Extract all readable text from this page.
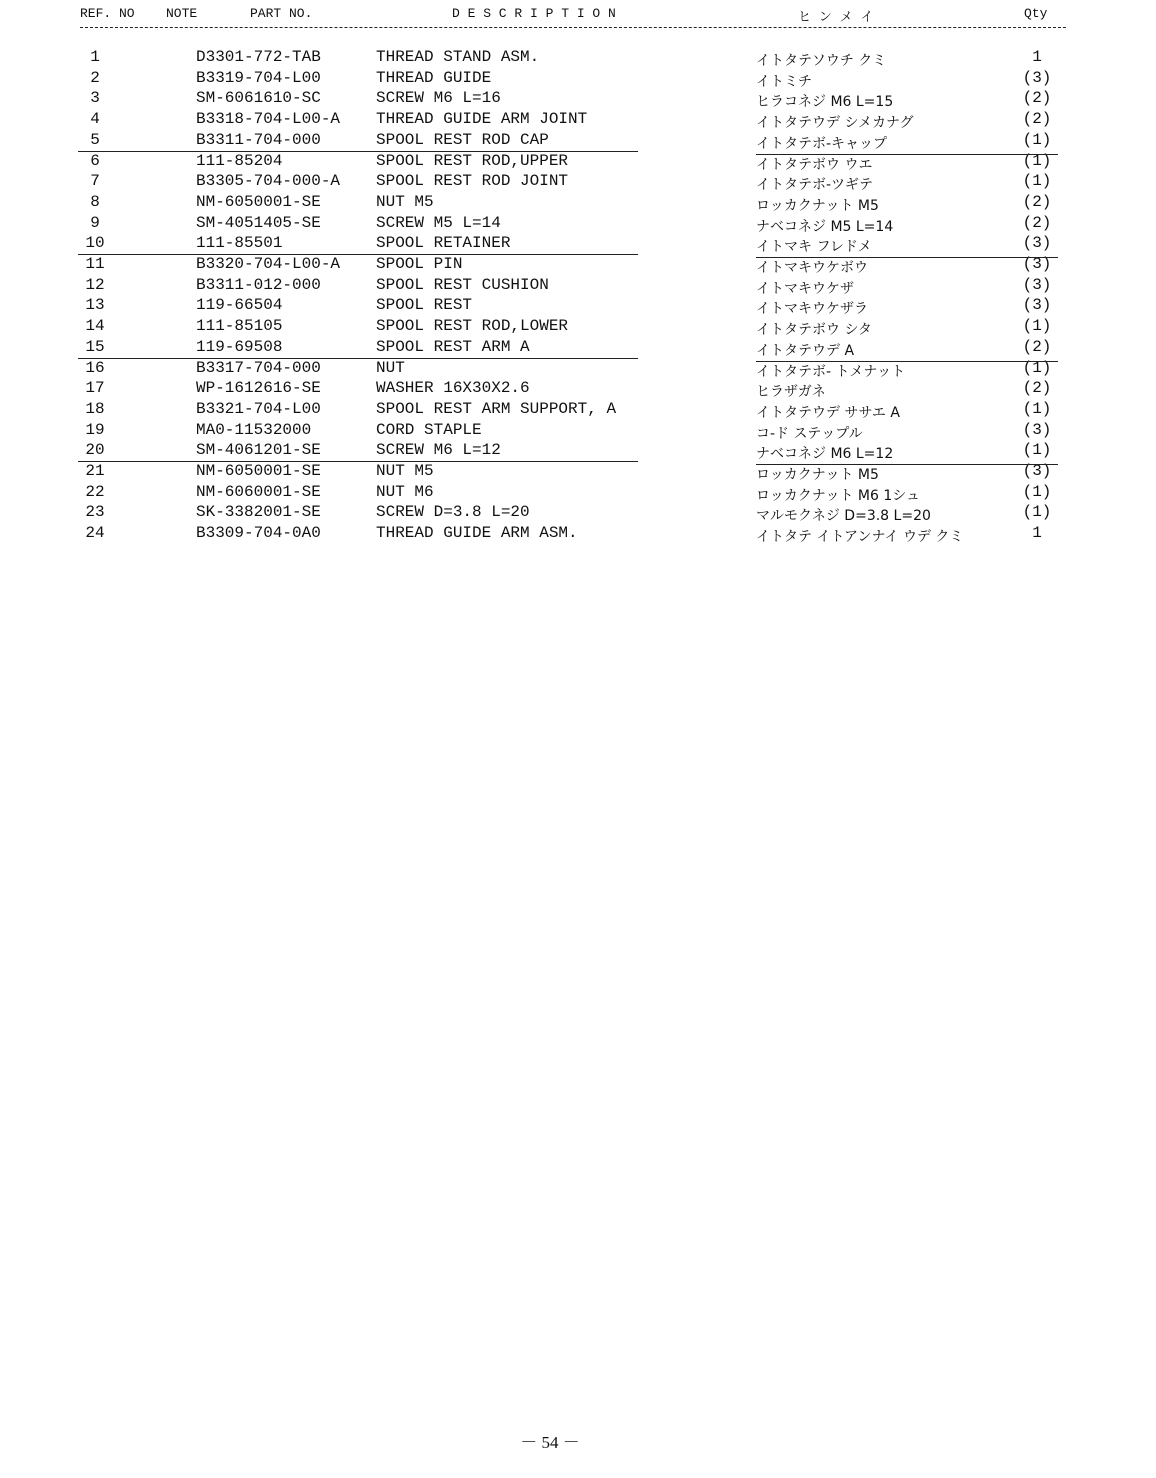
REF. NO NOTE	PART NO.	D E S C R I P T I O N	ヒ ン メ イ	Qty
1	D3301-772-TAB	THREAD STAND ASM.	イトタテソウチ クミ	1
2	B3319-704-L00	THREAD GUIDE	イトミチ	(3)
3	SM-6061610-SC	SCREW M6 L=16	ヒラコネジ M6 L=15	(2)
4	B3318-704-L00-A THREAD GUIDE ARM JOINT	イトタテウデ シメカナグ	(2)
5	B3311-704-000	SPOOL REST ROD CAP	イトタテボ-キャップ	(1)
6	111-85204	SPOOL REST ROD,UPPER	イトタテボウ ウエ	(1)
7	B3305-704-000-A SPOOL REST ROD JOINT	イトタテボ-ツギテ	(1)
8	NM-6050001-SE	NUT M5	ロッカクナット M5	(2)
9	SM-4051405-SE	SCREW M5 L=14	ナベコネジ M5 L=14	(2)
10	111-85501	SPOOL RETAINER	イトマキ フレドメ	(3)
11	B3320-704-L00-A SPOOL PIN	イトマキウケボウ	(3)
12	B3311-012-000	SPOOL REST CUSHION	イトマキウケザ	(3)
13	119-66504	SPOOL REST	イトマキウケザラ	(3)
14	111-85105	SPOOL REST ROD,LOWER	イトタテボウ シタ	(1)
15	119-69508	SPOOL REST ARM A	イトタテウデ A	(2)
16	B3317-704-000	NUT	イトタテボ- トメナット	(1)
17	WP-1612616-SE	WASHER 16X30X2.6	ヒラザガネ	(2)
18	B3321-704-L00	SPOOL REST ARM SUPPORT, A	イトタテウデ ササエ A	(1)
19	MA0-11532000	CORD STAPLE	コ-ド ステップル	(3)
20	SM-4061201-SE	SCREW M6 L=12	ナベコネジ M6 L=12	(1)
21	NM-6050001-SE	NUT M5	ロッカクナット M5	(3)
22	NM-6060001-SE	NUT M6	ロッカクナット M6 1シュ	(1)
23	SK-3382001-SE	SCREW D=3.8 L=20	マルモクネジ D=3.8 L=20	(1)
24	B3309-704-0A0	THREAD GUIDE ARM ASM.	イトタテ イトアンナイ ウデ クミ	1
－ 54 －
